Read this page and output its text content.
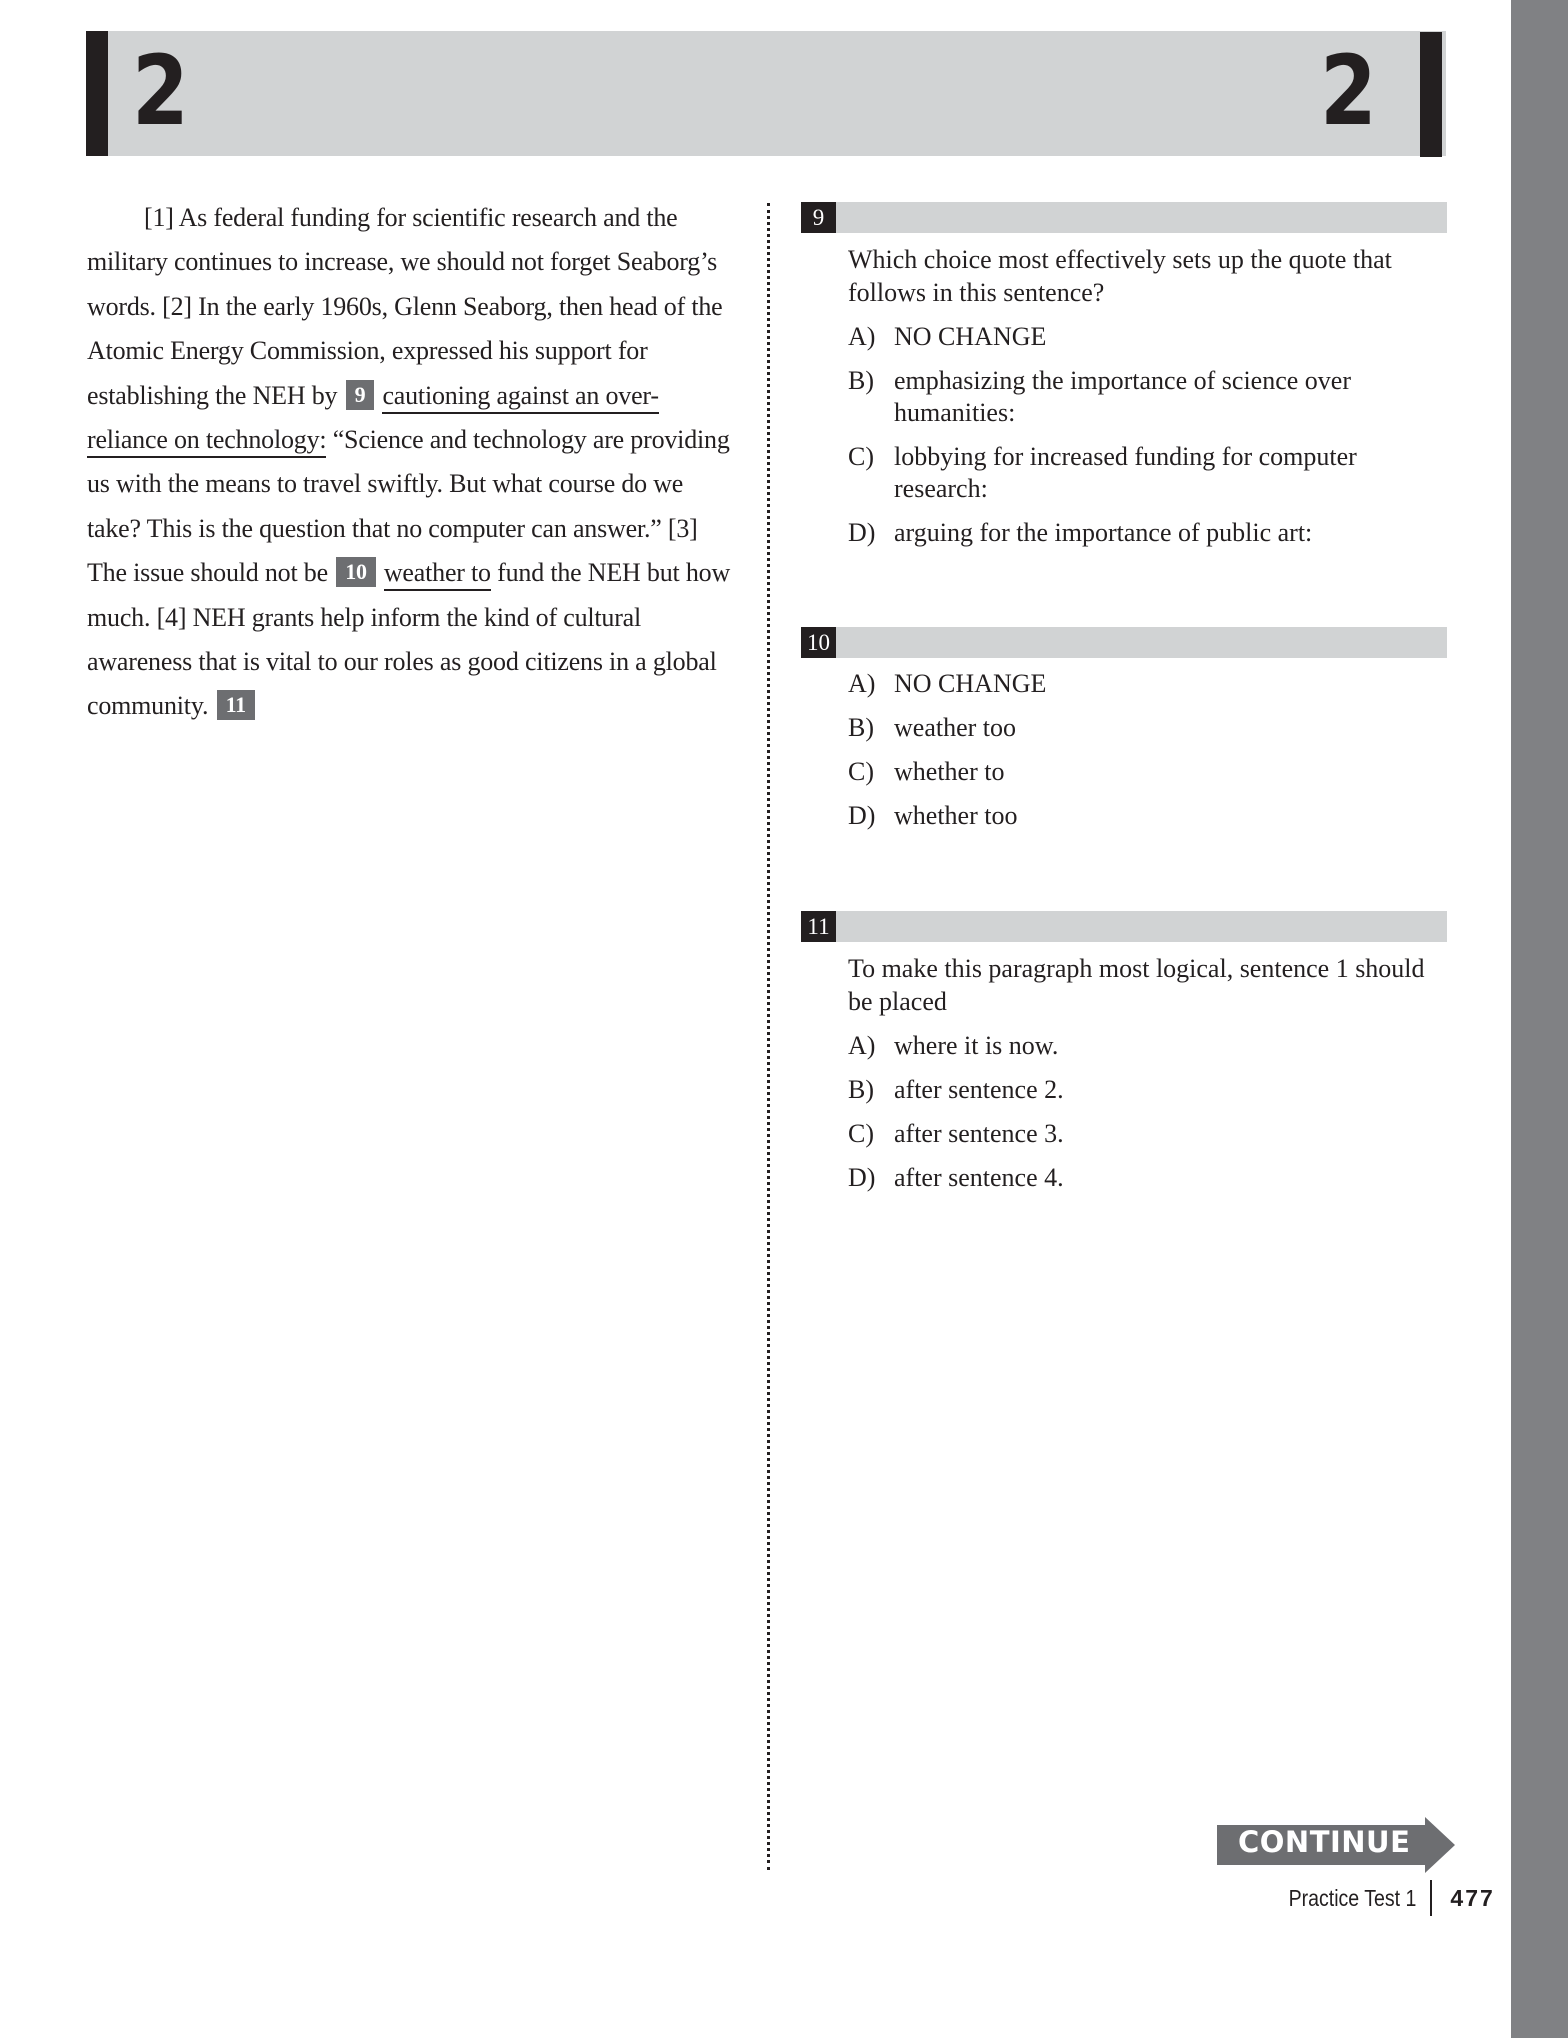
2	2

[1] As federal funding for scientific research and the military continues to increase, we should not forget Seaborg’s words. [2] In the early 1960s, Glenn Seaborg, then head of the Atomic Energy Commission, expressed his support for establishing the NEH by 9 cautioning against an over-reliance on technology: “Science and technology are providing us with the means to travel swiftly. But what course do we take? This is the question that no computer can answer.” [3] The issue should not be 10 weather to fund the NEH but how much. [4] NEH grants help inform the kind of cultural awareness that is vital to our roles as good citizens in a global community. 11

9
Which choice most effectively sets up the quote that follows in this sentence?
A) NO CHANGE
B) emphasizing the importance of science over humanities:
C) lobbying for increased funding for computer research:
D) arguing for the importance of public art:
10
A) NO CHANGE
B) weather too
C) whether to
D) whether too
11
To make this paragraph most logical, sentence 1 should be placed
A) where it is now.
B) after sentence 2.
C) after sentence 3.
D) after sentence 4.
CONTINUE
Practice Test 1 477
